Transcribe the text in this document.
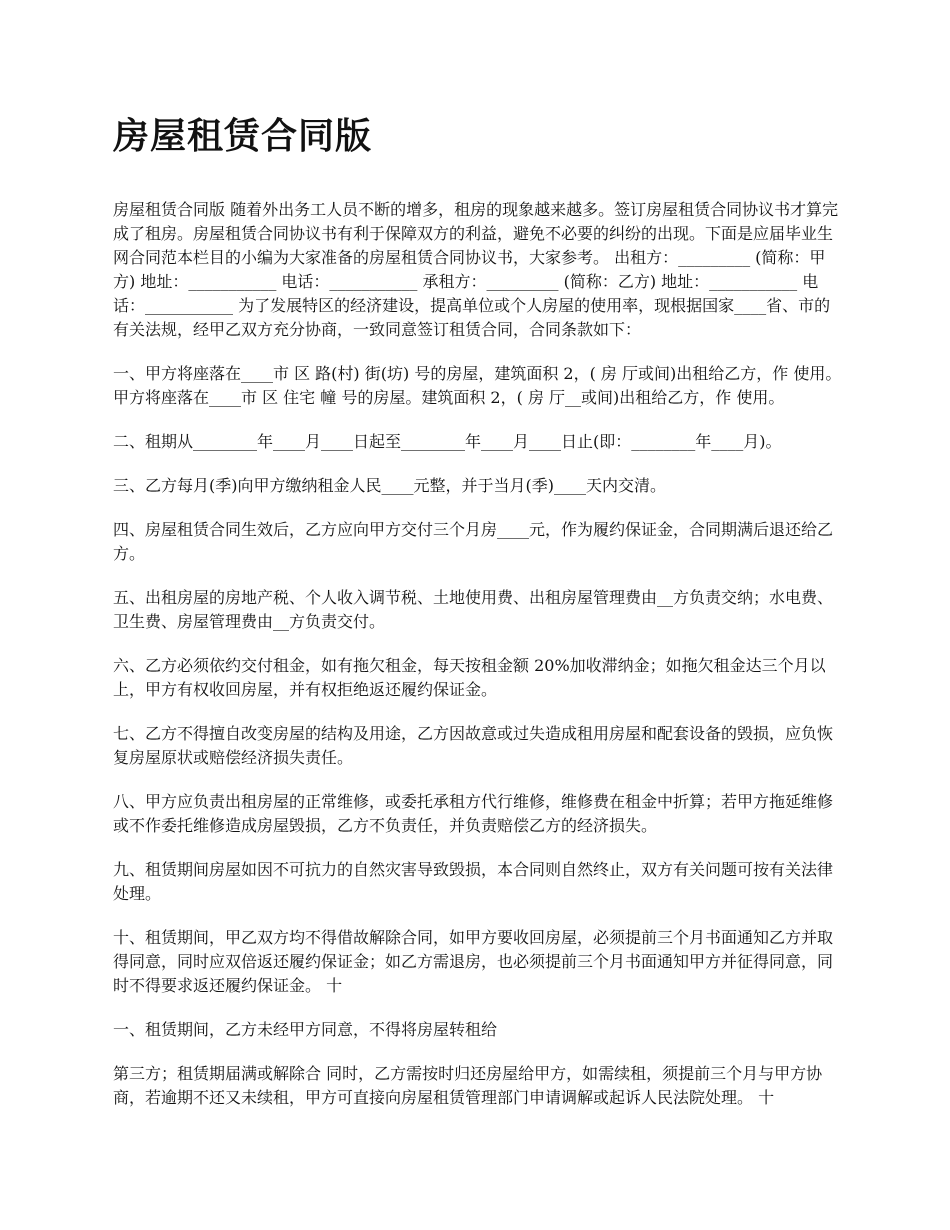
房屋租赁合同版

房屋租赁合同版 随着外出务工人员不断的增多，租房的现象越来越多。签订房屋租赁合同协议书才算完成了租房。房屋租赁合同协议书有利于保障双方的利益，避免不必要的纠纷的出现。下面是应届毕业生网合同范本栏目的小编为大家准备的房屋租赁合同协议书，大家参考。 出租方：_________ (简称：甲方) 地址：___________ 电话：___________ 承租方：_________ (简称：乙方) 地址：___________ 电话：___________ 为了发展特区的经济建设，提高单位或个人房屋的使用率，现根据国家____省、市的有关法规，经甲乙双方充分协商，一致同意签订租赁合同，合同条款如下：

一、甲方将座落在____市 区 路(村) 街(坊) 号的房屋，建筑面积 2，( 房 厅或间)出租给乙方，作 使用。 甲方将座落在____市 区 住宅 幢 号的房屋。建筑面积 2，( 房 厅__或间)出租给乙方，作 使用。

二、租期从________年____月____日起至________年____月____日止(即：________年____月)。

三、乙方每月(季)向甲方缴纳租金人民____元整，并于当月(季)____天内交清。

四、房屋租赁合同生效后，乙方应向甲方交付三个月房____元，作为履约保证金，合同期满后退还给乙方。

五、出租房屋的房地产税、个人收入调节税、土地使用费、出租房屋管理费由__方负责交纳；水电费、卫生费、房屋管理费由__方负责交付。

六、乙方必须依约交付租金，如有拖欠租金，每天按租金额 20%加收滞纳金；如拖欠租金达三个月以上，甲方有权收回房屋，并有权拒绝返还履约保证金。

七、乙方不得擅自改变房屋的结构及用途，乙方因故意或过失造成租用房屋和配套设备的毁损，应负恢复房屋原状或赔偿经济损失责任。

八、甲方应负责出租房屋的正常维修，或委托承租方代行维修，维修费在租金中折算；若甲方拖延维修或不作委托维修造成房屋毁损，乙方不负责任，并负责赔偿乙方的经济损失。

九、租赁期间房屋如因不可抗力的自然灾害导致毁损，本合同则自然终止，双方有关问题可按有关法律处理。

十、租赁期间，甲乙双方均不得借故解除合同，如甲方要收回房屋，必须提前三个月书面通知乙方并取得同意，同时应双倍返还履约保证金；如乙方需退房，也必须提前三个月书面通知甲方并征得同意，同时不得要求返还履约保证金。 十

一、租赁期间，乙方未经甲方同意，不得将房屋转租给

第三方；租赁期届满或解除合 同时，乙方需按时归还房屋给甲方，如需续租，须提前三个月与甲方协商，若逾期不还又未续租，甲方可直接向房屋租赁管理部门申请调解或起诉人民法院处理。 十
